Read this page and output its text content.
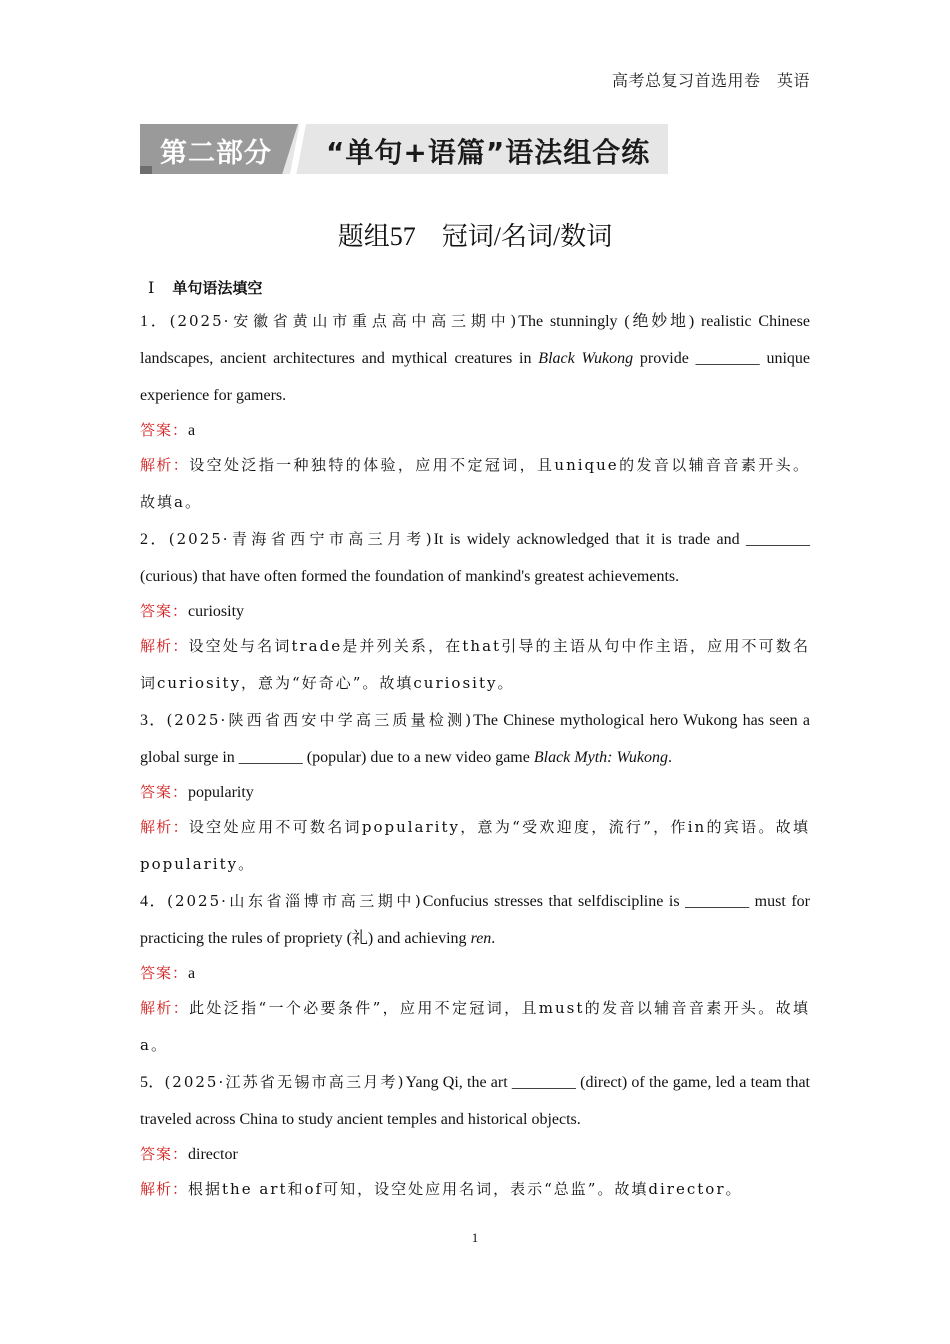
高考总复习首选用卷　 英语
第二部分 “单句+语篇”语法组合练
题组57　冠词/名词/数词
Ⅰ 单句语法填空

1．(2025·安徽省黄山市重点高中高三期中)The stunningly (绝妙地) realistic Chinese landscapes, ancient architectures and mythical creatures in Black Wukong provide ________ unique experience for gamers.

答案：a

解析：设空处泛指一种独特的体验，应用不定冠词，且unique的发音以辅音音素开头。故填a。

2．(2025·青海省西宁市高三月考)It is widely acknowledged that it is trade and ________ (curious) that have often formed the foundation of mankind's greatest achievements.

答案：curiosity

解析：设空处与名词trade是并列关系，在that引导的主语从句中作主语，应用不可数名词curiosity，意为“好奇心”。故填curiosity。

3．(2025·陕西省西安中学高三质量检测)The Chinese mythological hero Wukong has seen a global surge in ________ (popular) due to a new video game Black Myth: Wukong.

答案：popularity

解析：设空处应用不可数名词popularity，意为“受欢迎度，流行”，作in的宾语。故填popularity。

4．(2025·山东省淄博市高三期中)Confucius stresses that selfdiscipline is ________ must for practicing the rules of propriety (礼) and achieving ren.

答案：a

解析：此处泛指“一个必要条件”，应用不定冠词，且must的发音以辅音音素开头。故填a。

5．(2025·江苏省无锡市高三月考)Yang Qi, the art ________ (direct) of the game, led a team that traveled across China to study ancient temples and historical objects.

答案：director

解析：根据the art和of可知，设空处应用名词，表示“总监”。故填director。

1
